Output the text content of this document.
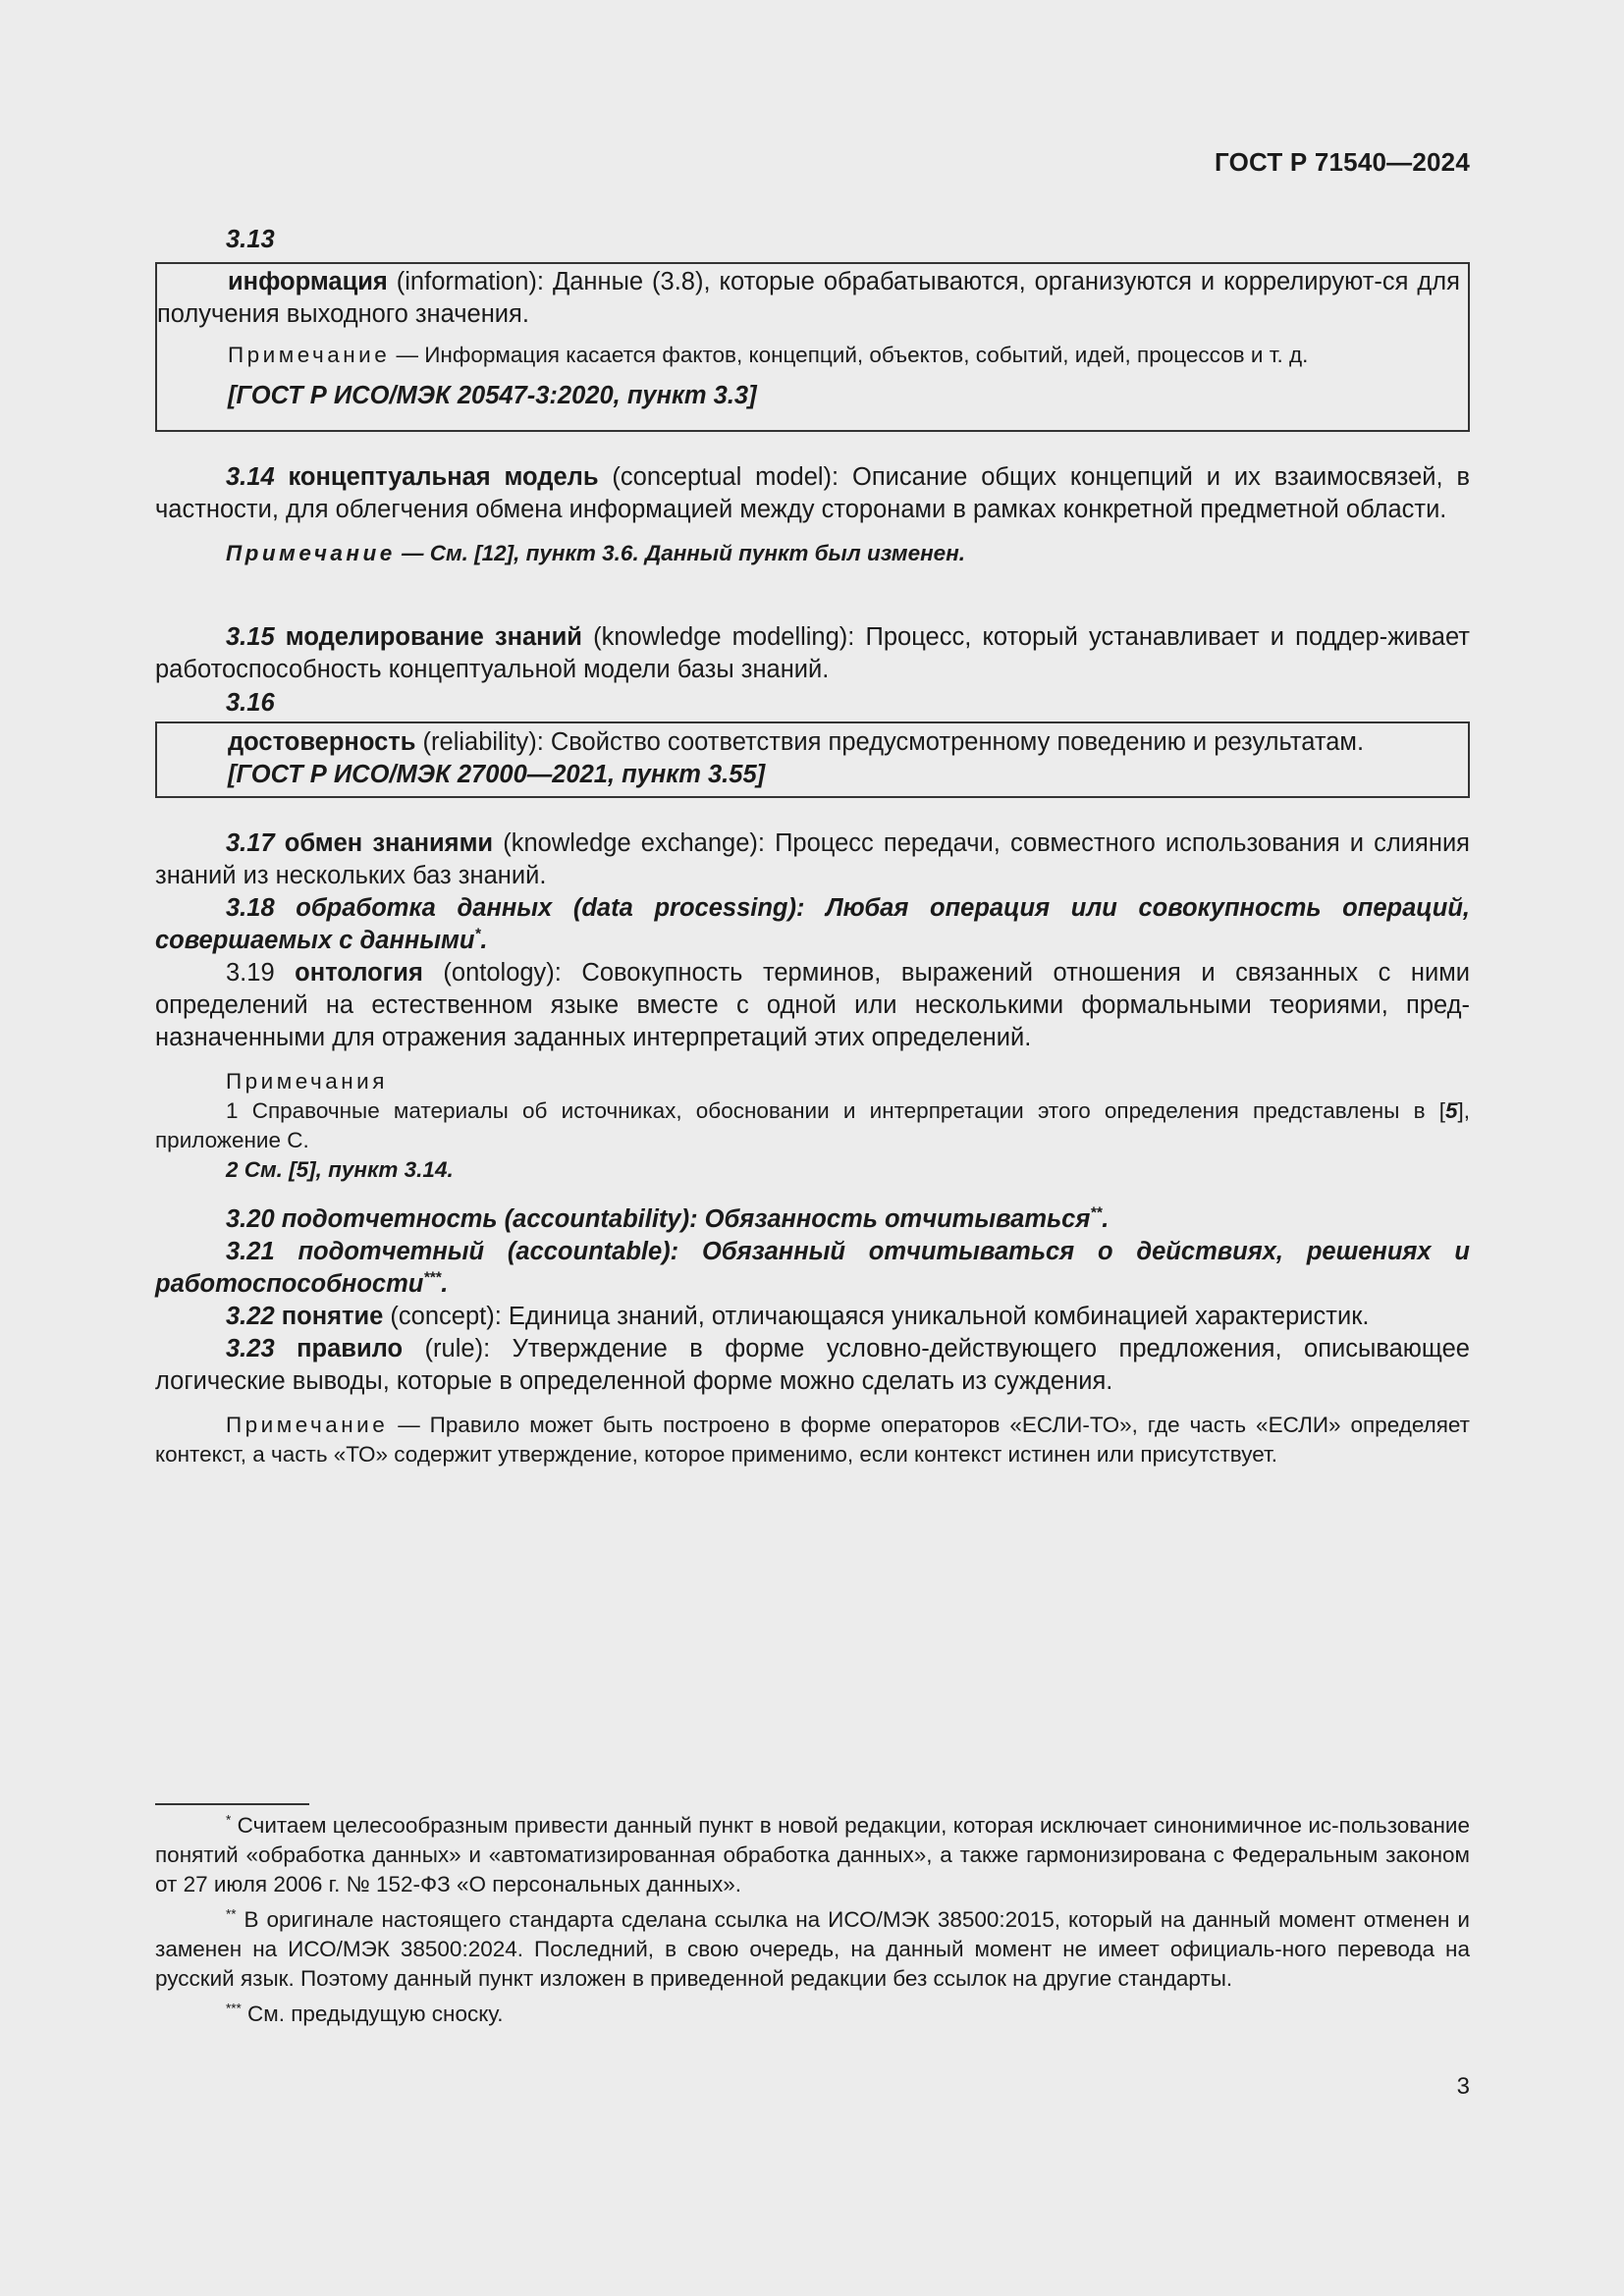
ГОСТ Р 71540—2024

3.13

информация (information): Данные (3.8), которые обрабатываются, организуются и коррелируют-ся для получения выходного значения.

Примечание — Информация касается фактов, концепций, объектов, событий, идей, процессов и т. д.

[ГОСТ Р ИСО/МЭК 20547-3:2020, пункт 3.3]

3.14 концептуальная модель (conceptual model): Описание общих концепций и их взаимосвязей, в частности, для облегчения обмена информацией между сторонами в рамках конкретной предметной области.

Примечание — См. [12], пункт 3.6. Данный пункт был изменен.

3.15 моделирование знаний (knowledge modelling): Процесс, который устанавливает и поддер-живает работоспособность концептуальной модели базы знаний.

3.16

достоверность (reliability): Свойство соответствия предусмотренному поведению и результатам.

[ГОСТ Р ИСО/МЭК 27000—2021, пункт 3.55]

3.17 обмен знаниями (knowledge exchange): Процесс передачи, совместного использования и слияния знаний из нескольких баз знаний.

3.18 обработка данных (data processing): Любая операция или совокупность операций, совершаемых с данными*.

3.19 онтология (ontology): Совокупность терминов, выражений отношения и связанных с ними определений на естественном языке вместе с одной или несколькими формальными теориями, пред-назначенными для отражения заданных интерпретаций этих определений.

Примечания

1 Справочные материалы об источниках, обосновании и интерпретации этого определения представлены в [5], приложение С.

2 См. [5], пункт 3.14.

3.20 подотчетность (accountability): Обязанность отчитываться**.

3.21 подотчетный (accountable): Обязанный отчитываться о действиях, решениях и работоспособности***.

3.22 понятие (concept): Единица знаний, отличающаяся уникальной комбинацией характеристик.

3.23 правило (rule): Утверждение в форме условно-действующего предложения, описывающее логические выводы, которые в определенной форме можно сделать из суждения.

Примечание — Правило может быть построено в форме операторов «ЕСЛИ-ТО», где часть «ЕСЛИ» определяет контекст, а часть «ТО» содержит утверждение, которое применимо, если контекст истинен или присутствует.

* Считаем целесообразным привести данный пункт в новой редакции, которая исключает синонимичное ис-пользование понятий «обработка данных» и «автоматизированная обработка данных», а также гармонизирована с Федеральным законом от 27 июля 2006 г. № 152-ФЗ «О персональных данных».

** В оригинале настоящего стандарта сделана ссылка на ИСО/МЭК 38500:2015, который на данный момент отменен и заменен на ИСО/МЭК 38500:2024. Последний, в свою очередь, на данный момент не имеет официаль-ного перевода на русский язык. Поэтому данный пункт изложен в приведенной редакции без ссылок на другие стандарты.

*** См. предыдущую сноску.

3
